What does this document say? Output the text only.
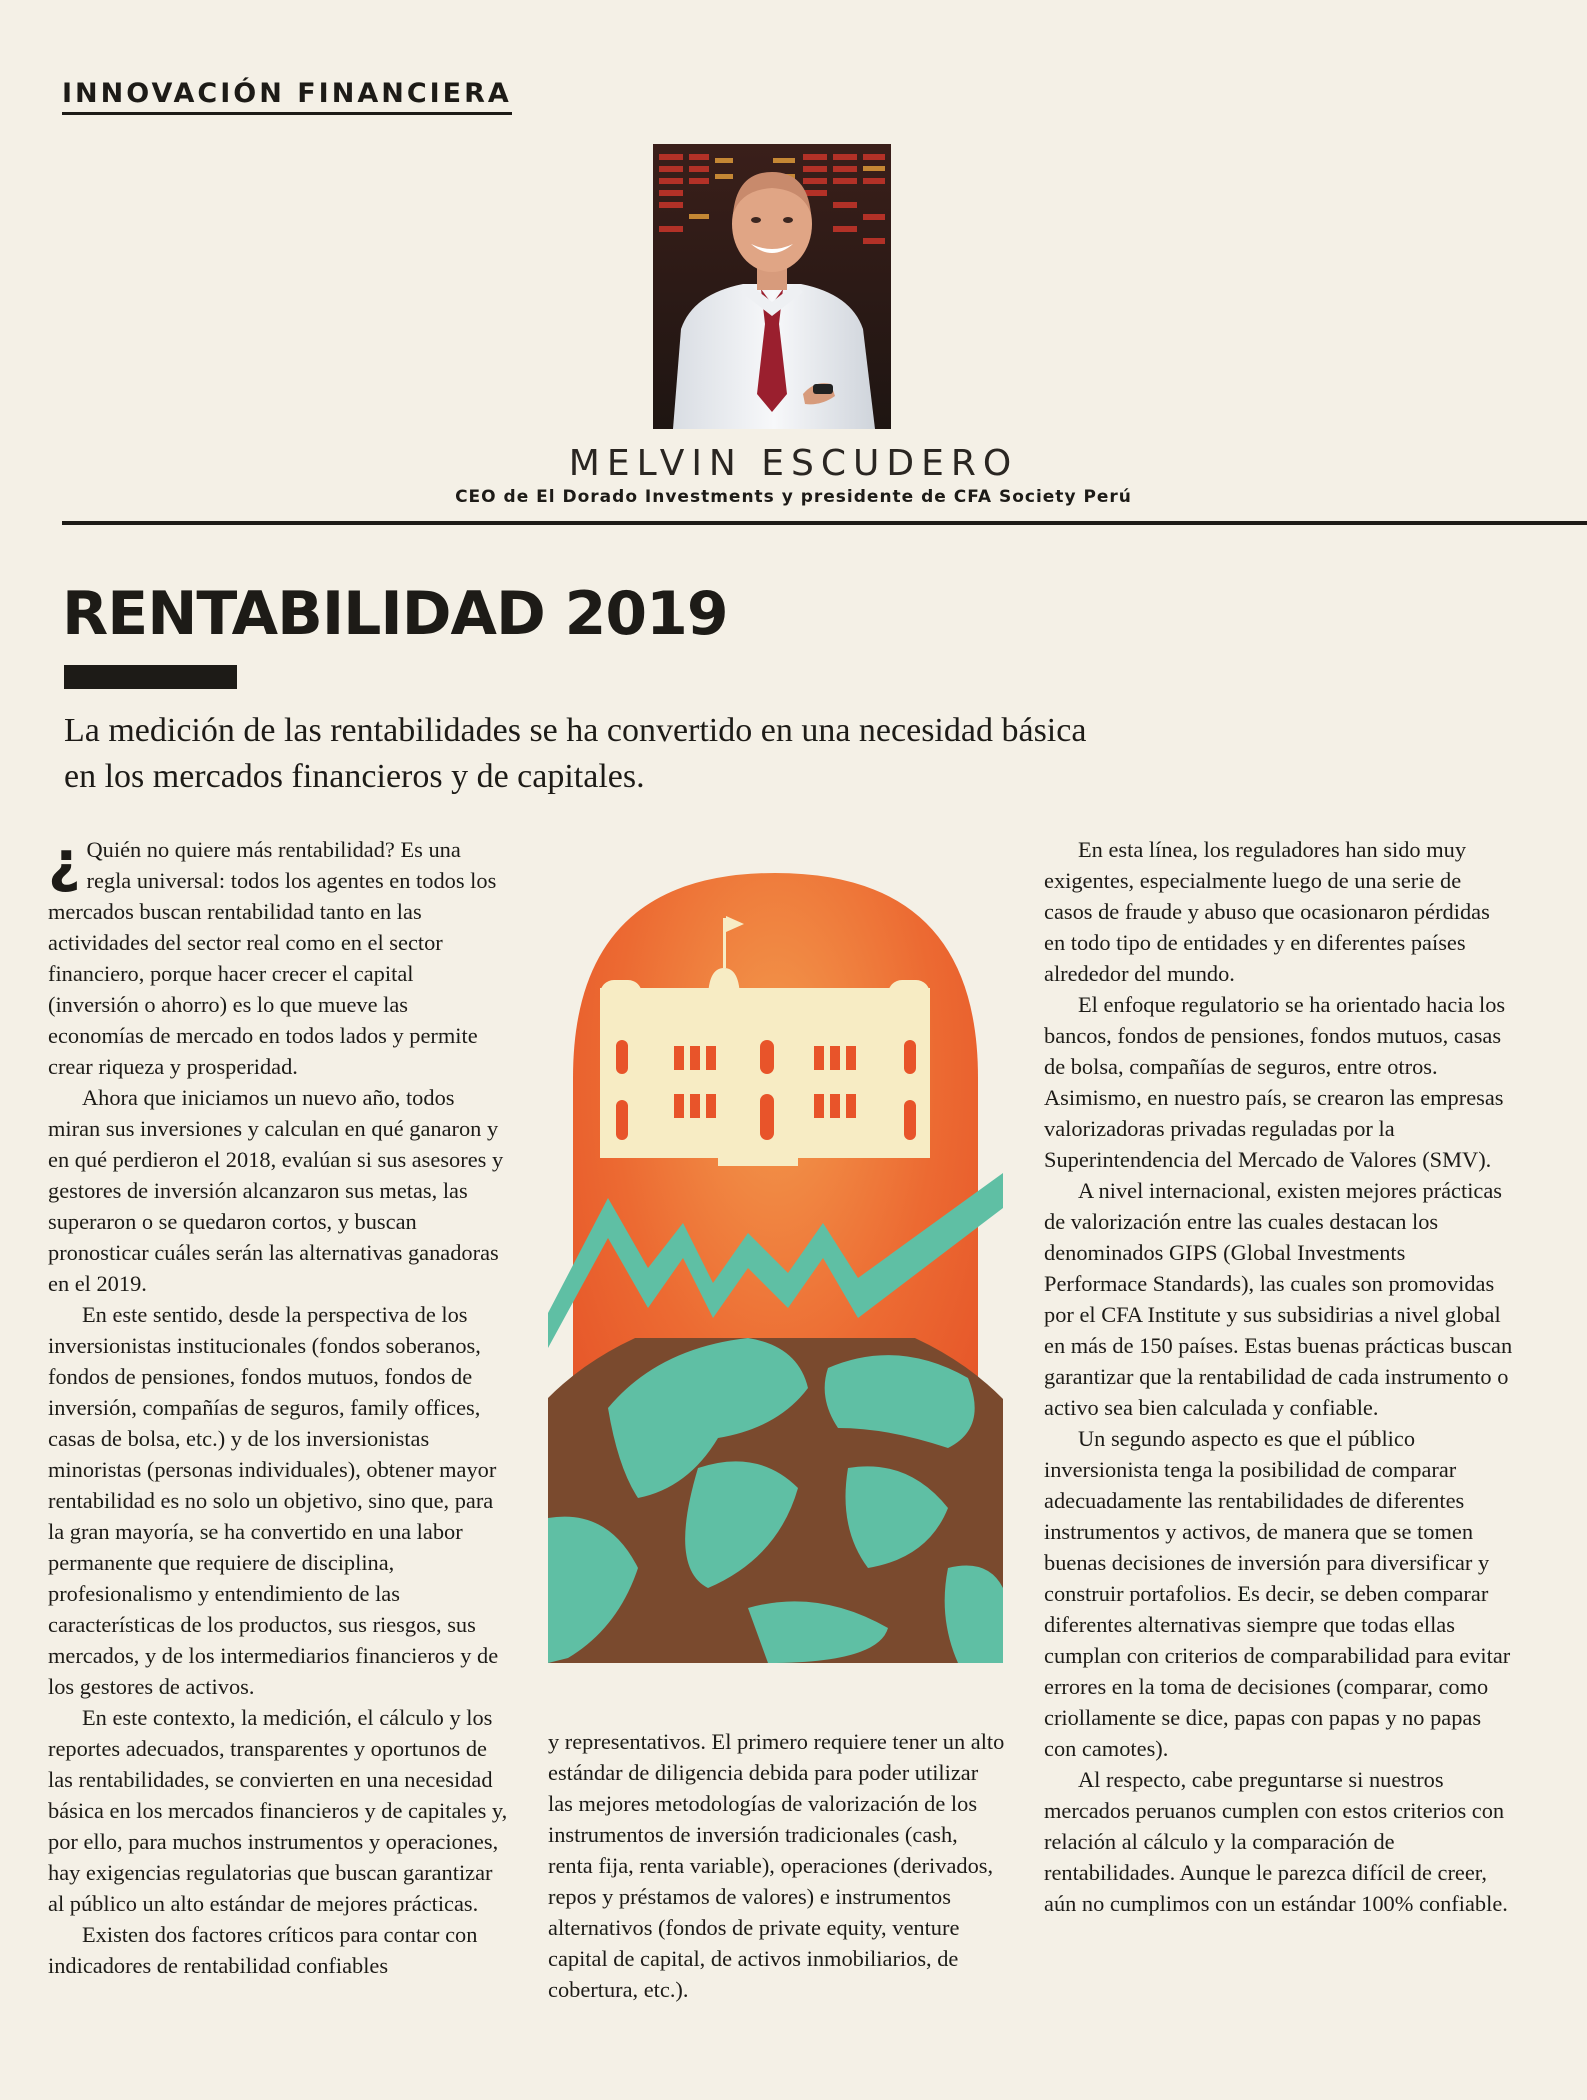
INNOVACIÓN FINANCIERA
MELVIN ESCUDERO
CEO de El Dorado Investments y presidente de CFA Society Perú
RENTABILIDAD 2019
La medición de las rentabilidades se ha convertido en una necesidad básica en los mercados financieros y de capitales.

¿ Quién no quiere más rentabilidad? Es una regla universal: todos los agentes en todos los mercados buscan rentabilidad tanto en las actividades del sector real como en el sector financiero, porque hacer crecer el capital (inversión o ahorro) es lo que mueve las economías de mercado en todos lados y permite crear riqueza y prosperidad.

Ahora que iniciamos un nuevo año, todos miran sus inversiones y calculan en qué ganaron y en qué perdieron el 2018, evalúan si sus asesores y gestores de inversión alcanzaron sus metas, las superaron o se quedaron cortos, y buscan pronosticar cuáles serán las alternativas ganadoras en el 2019.

En este sentido, desde la perspectiva de los inversionistas institucionales (fondos soberanos, fondos de pensiones, fondos mutuos, fondos de inversión, compañías de seguros, family offices, casas de bolsa, etc.) y de los inversionistas minoristas (personas individuales), obtener mayor rentabilidad es no solo un objetivo, sino que, para la gran mayoría, se ha convertido en una labor permanente que requiere de disciplina, profesionalismo y entendimiento de las características de los productos, sus riesgos, sus mercados, y de los intermediarios financieros y de los gestores de activos.

En este contexto, la medición, el cálculo y los reportes adecuados, transparentes y oportunos de las rentabilidades, se convierten en una necesidad básica en los mercados financieros y de capitales y, por ello, para muchos instrumentos y operaciones, hay exigencias regulatorias que buscan garantizar al público un alto estándar de mejores prácticas.

Existen dos factores críticos para contar con indicadores de rentabilidad confiables

y representativos. El primero requiere tener un alto estándar de diligencia debida para poder utilizar las mejores metodologías de valorización de los instrumentos de inversión tradicionales (cash, renta fija, renta variable), operaciones (derivados, repos y préstamos de valores) e instrumentos alternativos (fondos de private equity, venture capital de capital, de activos inmobiliarios, de cobertura, etc.).

En esta línea, los reguladores han sido muy exigentes, especialmente luego de una serie de casos de fraude y abuso que ocasionaron pérdidas en todo tipo de entidades y en diferentes países alrededor del mundo.

El enfoque regulatorio se ha orientado hacia los bancos, fondos de pensiones, fondos mutuos, casas de bolsa, compañías de seguros, entre otros. Asimismo, en nuestro país, se crearon las empresas valorizadoras privadas reguladas por la Superintendencia del Mercado de Valores (SMV).

A nivel internacional, existen mejores prácticas de valorización entre las cuales destacan los denominados GIPS (Global Investments Performace Standards), las cuales son promovidas por el CFA Institute y sus subsidirias a nivel global en más de 150 países. Estas buenas prácticas buscan garantizar que la rentabilidad de cada instrumento o activo sea bien calculada y confiable.

Un segundo aspecto es que el público inversionista tenga la posibilidad de comparar adecuadamente las rentabilidades de diferentes instrumentos y activos, de manera que se tomen buenas decisiones de inversión para diversificar y construir portafolios. Es decir, se deben comparar diferentes alternativas siempre que todas ellas cumplan con criterios de comparabilidad para evitar errores en la toma de decisiones (comparar, como criollamente se dice, papas con papas y no papas con camotes).

Al respecto, cabe preguntarse si nuestros mercados peruanos cumplen con estos criterios con relación al cálculo y la comparación de rentabilidades. Aunque le parezca difícil de creer, aún no cumplimos con un estándar 100% confiable.
